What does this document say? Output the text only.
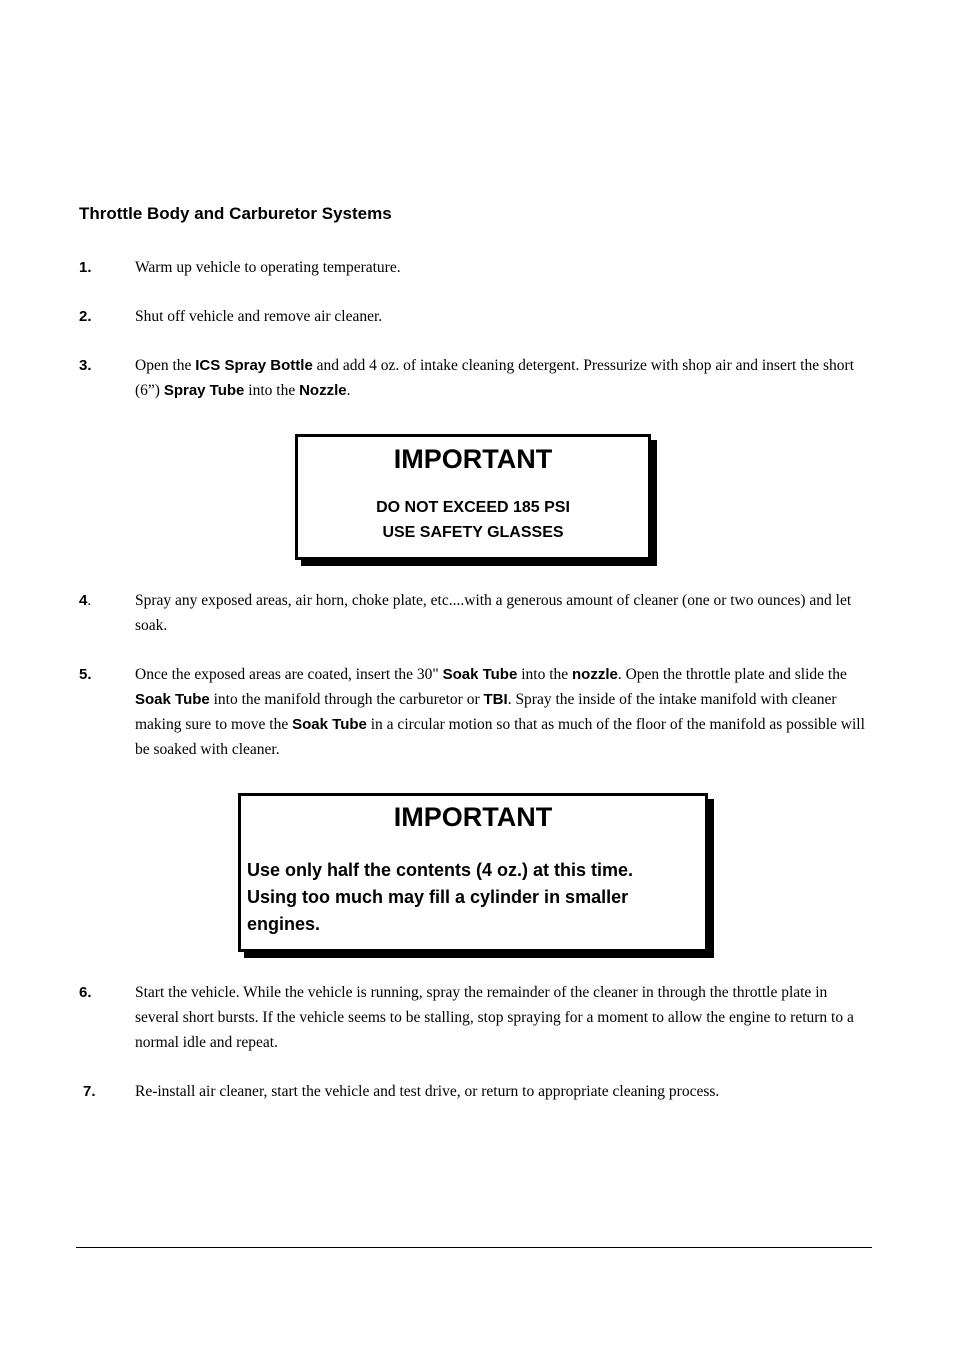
Throttle Body and Carburetor Systems
1.	Warm up vehicle to operating temperature.
2.	Shut off vehicle and remove air cleaner.
3.	Open the ICS Spray Bottle and add 4 oz. of intake cleaning detergent. Pressurize with shop air and insert the short (6”) Spray Tube into the Nozzle.
IMPORTANT
DO NOT EXCEED 185 PSI
USE SAFETY GLASSES
4.	Spray any exposed areas, air horn, choke plate, etc....with a generous amount of cleaner (one or two ounces) and let soak.
5.	Once the exposed areas are coated, insert the 30" Soak Tube into the nozzle. Open the throttle plate and slide the Soak Tube into the manifold through the carburetor or TBI. Spray the inside of the intake manifold with cleaner making sure to move the Soak Tube in a circular motion so that as much of the floor of the manifold as possible will be soaked with cleaner.
IMPORTANT
Use only half the contents (4 oz.) at this time. Using too much may fill a cylinder in smaller engines.
6.	Start the vehicle. While the vehicle is running, spray the remainder of the cleaner in through the throttle plate in several short bursts. If the vehicle seems to be stalling, stop spraying for a moment to allow the engine to return to a normal idle and repeat.
7.	Re-install air cleaner, start the vehicle and test drive, or return to appropriate cleaning process.
